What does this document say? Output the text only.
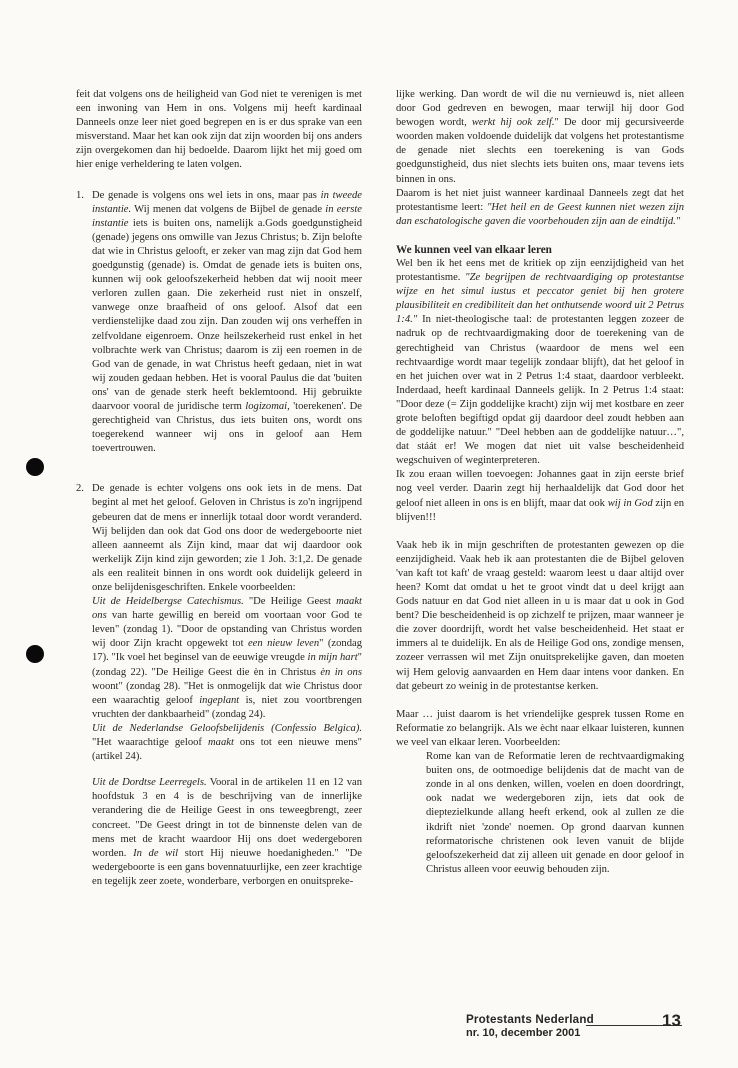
feit dat volgens ons de heiligheid van God niet te verenigen is met een inwoning van Hem in ons. Volgens mij heeft kardinaal Danneels onze leer niet goed begrepen en is er dus sprake van een misverstand. Maar het kan ook zijn dat zijn woorden bij ons anders zijn overgekomen dan hij bedoelde. Daarom lijkt het mij goed om hier enige verheldering te laten volgen.

1. De genade is volgens ons wel iets in ons, maar pas in tweede instantie. Wij menen dat volgens de Bijbel de genade in eerste instantie iets is buiten ons, namelijk a.Gods goedgunstigheid (genade) jegens ons omwille van Jezus Christus; b. Zijn belofte dat wie in Christus gelooft, er zeker van mag zijn dat God hem goedgunstig (genade) is. Omdat de genade iets is buiten ons, kunnen wij ook geloofszekerheid hebben dat wij nooit meer verloren zullen gaan. Die zekerheid rust niet in onszelf, vanwege onze braafheid of ons geloof. Alsof dat een verdienstelijke daad zou zijn. Dan zouden wij ons verheffen in zelfvoldane eigenroem. Onze heilszekerheid rust enkel in het volbrachte werk van Christus; daarom is zij een roemen in de God van de genade, in wat Christus heeft gedaan, niet in wat wij zouden gedaan hebben. Het is vooral Paulus die dat 'buiten ons' van de genade sterk heeft beklemtoond. Hij gebruikte daarvoor vooral de juridische term logizomai, 'toerekenen'. De gerechtigheid van Christus, dus iets buiten ons, wordt ons toegerekend wanneer wij ons in geloof aan Hem toevertrouwen.

2. De genade is echter volgens ons ook iets in de mens. Dat begint al met het geloof. Geloven in Christus is zo'n ingrijpend gebeuren dat de mens er innerlijk totaal door wordt veranderd. Wij belijden dan ook dat God ons door de wedergeboorte niet alleen aanneemt als Zijn kind, maar dat wij daardoor ook werkelijk Zijn kind zijn geworden; zie 1 Joh. 3:1,2. De genade als een realiteit binnen in ons wordt ook duidelijk geleerd in onze belijdenisgeschriften. Enkele voorbeelden:

Uit de Heidelbergse Catechismus. "De Heilige Geest maakt ons van harte gewillig en bereid om voortaan voor God te leven" (zondag 1). "Door de opstanding van Christus worden wij door Zijn kracht opgewekt tot een nieuw leven" (zondag 17). "Ik voel het beginsel van de eeuwige vreugde in mijn hart" (zondag 22). "De Heilige Geest die èn in Christus èn in ons woont" (zondag 28). "Het is onmogelijk dat wie Christus door een waarachtig geloof ingeplant is, niet zou voortbrengen vruchten der dankbaarheid" (zondag 24).

Uit de Nederlandse Geloofsbelijdenis (Confessio Belgica). "Het waarachtige geloof maakt ons tot een nieuwe mens" (artikel 24).

Uit de Dordtse Leerregels. Vooral in de artikelen 11 en 12 van hoofdstuk 3 en 4 is de beschrijving van de innerlijke verandering die de Heilige Geest in ons teweegbrengt, zeer concreet. "De Geest dringt in tot de binnenste delen van de mens met de kracht waardoor Hij ons doet wedergeboren worden. In de wil stort Hij nieuwe hoedanigheden." "De wedergeboorte is een gans bovennatuurlijke, een zeer krachtige en tegelijk zeer zoete, wonderbare, verborgen en onuitspreke-

lijke werking. Dan wordt de wil die nu vernieuwd is, niet alleen door God gedreven en bewogen, maar terwijl hij door God bewogen wordt, werkt hij ook zelf." De door mij gecursiveerde woorden maken voldoende duidelijk dat volgens het protestantisme de genade niet slechts een toerekening is van Gods goedgunstigheid, dus niet slechts iets buiten ons, maar tevens iets binnen in ons.

Daarom is het niet juist wanneer kardinaal Danneels zegt dat het protestantisme leert: "Het heil en de Geest kunnen niet wezen zijn dan eschatologische gaven die voorbehouden zijn aan de eindtijd."

We kunnen veel van elkaar leren

Wel ben ik het eens met de kritiek op zijn eenzijdigheid van het protestantisme. "Ze begrijpen de rechtvaardiging op protestantse wijze en het simul iustus et peccator geniet bij hen grotere plausibiliteit en credibiliteit dan het onthutsende woord uit 2 Petrus 1:4." In niet-theologische taal: de protestanten leggen zozeer de nadruk op de rechtvaardigmaking door de toerekening van de gerechtigheid van Christus (waardoor de mens wel een rechtvaardige wordt maar tegelijk zondaar blijft), dat het geloof in en het juichen over wat in 2 Petrus 1:4 staat, daardoor verbleekt. Inderdaad, heeft kardinaal Danneels gelijk. In 2 Petrus 1:4 staat: "Door deze (= Zijn goddelijke kracht) zijn wij met kostbare en zeer grote beloften begiftigd opdat gij daardoor deel zoudt hebben aan de goddelijke natuur." "Deel hebben aan de goddelijke natuur…", dat stáát er! We mogen dat niet uit valse bescheidenheid wegschuiven of weginterpreteren.

Ik zou eraan willen toevoegen: Johannes gaat in zijn eerste brief nog veel verder. Daarin zegt hij herhaaldelijk dat God door het geloof niet alleen in ons is en blijft, maar dat ook wij in God zijn en blijven!!!

Vaak heb ik in mijn geschriften de protestanten gewezen op die eenzijdigheid. Vaak heb ik aan protestanten die de Bijbel geloven 'van kaft tot kaft' de vraag gesteld: waarom leest u daar altijd over heen? Komt dat omdat u het te groot vindt dat u deel krijgt aan Gods natuur en dat God niet alleen in u is maar dat u ook in God bent? Die bescheidenheid is op zichzelf te prijzen, maar wanneer je die zover doordrijft, wordt het valse bescheidenheid. Het staat er immers al te duidelijk. En als de Heilige God ons, zondige mensen, zozeer verrassen wil met Zijn onuitsprekelijke gaven, dan moeten wij Hem gelovig aanvaarden en Hem daar intens voor danken. En dat gebeurt zo weinig in de protestantse kerken.

Maar … juist daarom is het vriendelijke gesprek tussen Rome en Reformatie zo belangrijk. Als we ècht naar elkaar luisteren, kunnen we veel van elkaar leren. Voorbeelden:

Rome kan van de Reformatie leren de rechtvaardigmaking buiten ons, de ootmoedige belijdenis dat de macht van de zonde in al ons denken, willen, voelen en doen doordringt, ook nadat we wedergeboren zijn, iets dat ook de dieptezielkunde allang heeft erkend, ook al zullen ze die ikdrift niet 'zonde' noemen. Op grond daarvan kunnen reformatorische christenen ook leven vanuit de blijde geloofszekerheid dat zij alleen uit genade en door geloof in Christus alleen voor eeuwig behouden zijn.

Protestants Nederland
nr. 10, december 2001
13
